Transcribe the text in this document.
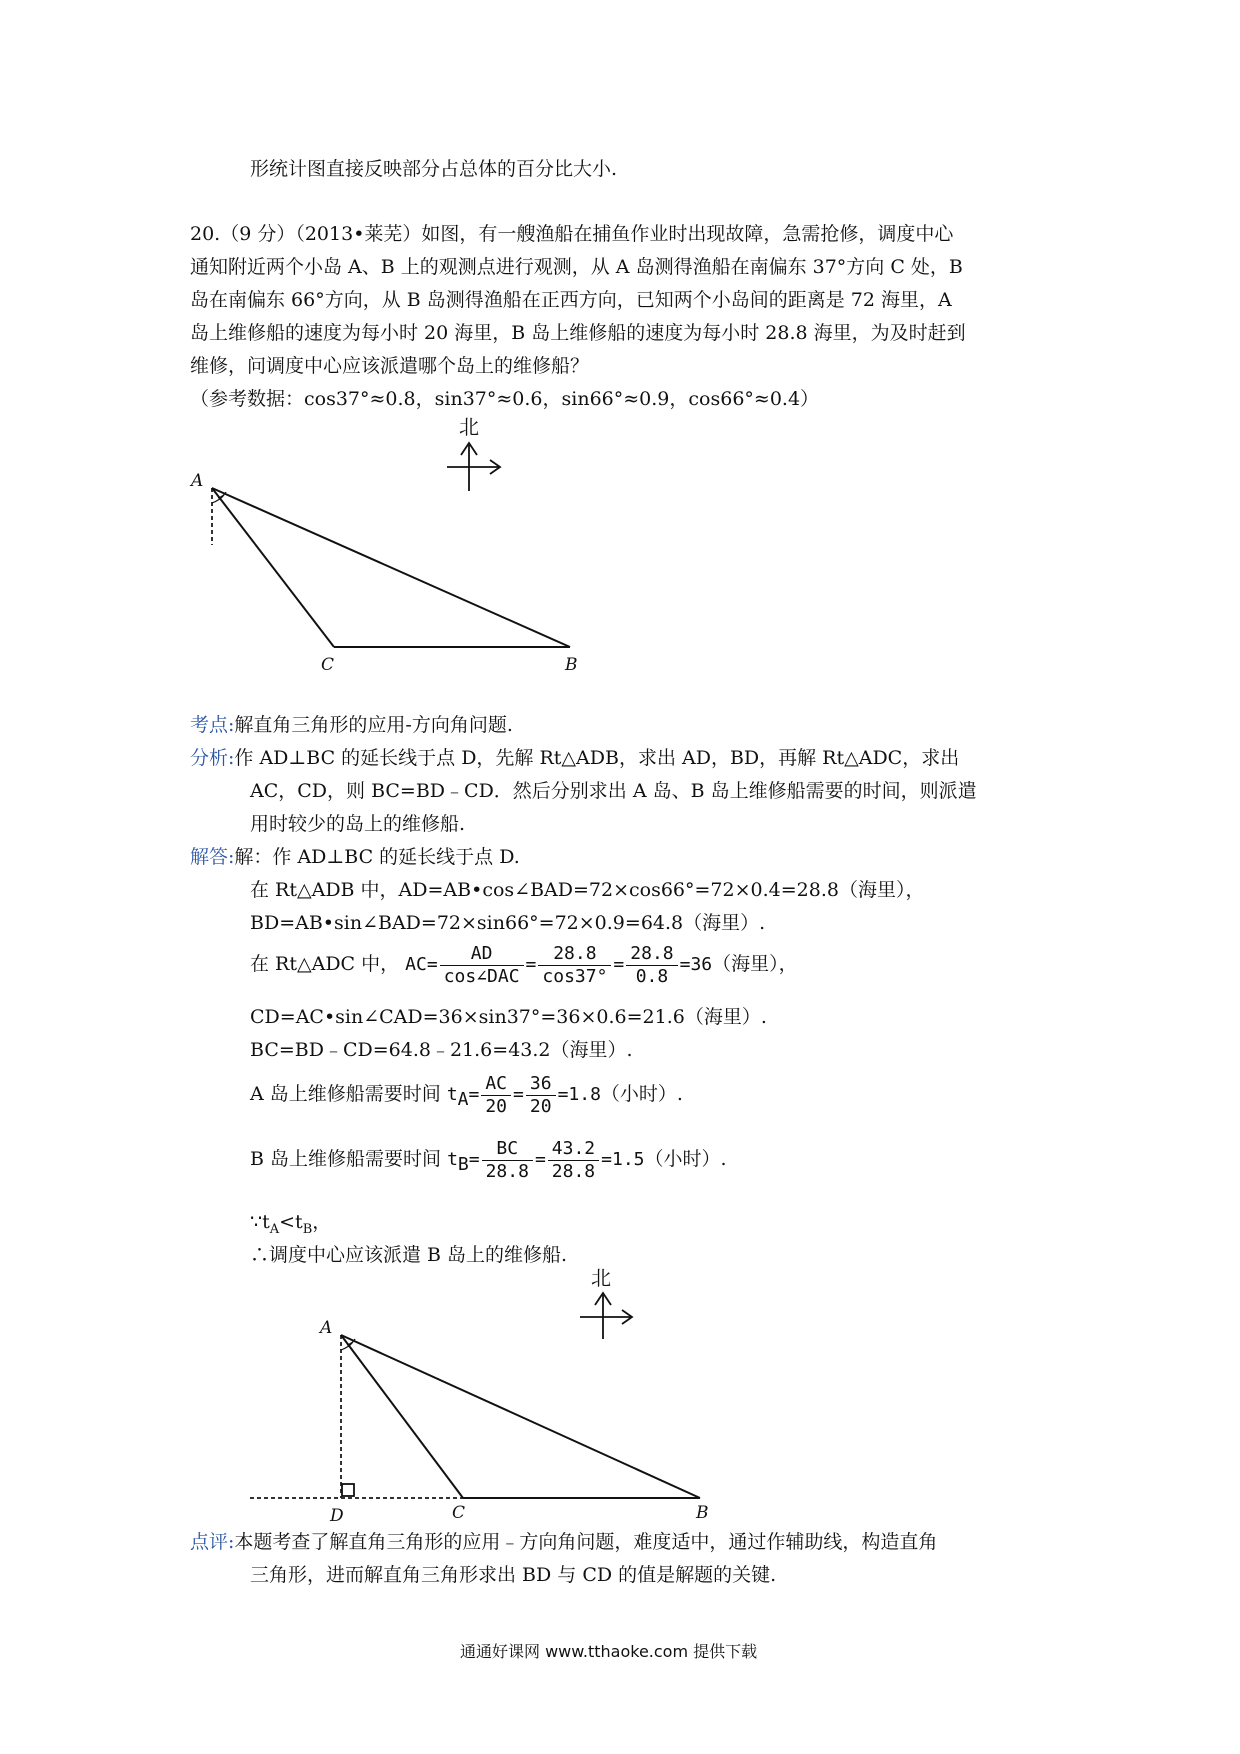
形统计图直接反映部分占总体的百分比大小.
20.（9 分）（2013•莱芜）如图，有一艘渔船在捕鱼作业时出现故障，急需抢修，调度中心
通知附近两个小岛 A、B 上的观测点进行观测，从 A 岛测得渔船在南偏东 37°方向 C 处，B
岛在南偏东 66°方向，从 B 岛测得渔船在正西方向，已知两个小岛间的距离是 72 海里，A
岛上维修船的速度为每小时 20 海里，B 岛上维修船的速度为每小时 28.8 海里，为及时赶到
维修，问调度中心应该派遣哪个岛上的维修船？
（参考数据：cos37°≈0.8，sin37°≈0.6，sin66°≈0.9，cos66°≈0.4）
北
A
C	B
考点:解直角三角形的应用-方向角问题.
分析:作 AD⊥BC 的延长线于点 D，先解 Rt△ADB，求出 AD，BD，再解 Rt△ADC，求出
AC，CD，则 BC=BD﹣CD．然后分别求出 A 岛、B 岛上维修船需要的时间，则派遣
用时较少的岛上的维修船.
解答:解：作 AD⊥BC 的延长线于点 D.
在 Rt△ADB 中，AD=AB•cos∠BAD=72×cos66°=72×0.4=28.8（海里），
BD=AB•sin∠BAD=72×sin66°=72×0.9=64.8（海里）.
在 Rt△ADC 中， $AC= \frac{AD}{\text{cos∠DAC}} = \frac{28.8}{\cos 37^\circ} = \frac{28.8}{0.8} =36$（海里），
CD=AC•sin∠CAD=36×sin37°=36×0.6=21.6（海里）.
BC=BD﹣CD=64.8﹣21.6=43.2（海里）.
A 岛上维修船需要时间 $t_A= \frac{AC}{20} = \frac{36}{20} =1.8$（小时）.
B 岛上维修船需要时间 $t_B= \frac{BC}{28.8} = \frac{43.2}{28.8} =1.5$（小时）.
$\because t_A<t_B$，
∴调度中心应该派遣 B 岛上的维修船.
北
A
D	C	B
点评:本题考查了解直角三角形的应用﹣方向角问题，难度适中，通过作辅助线，构造直角
三角形，进而解直角三角形求出 BD 与 CD 的值是解题的关键.
通通好课网 www.tthaoke.com 提供下载
